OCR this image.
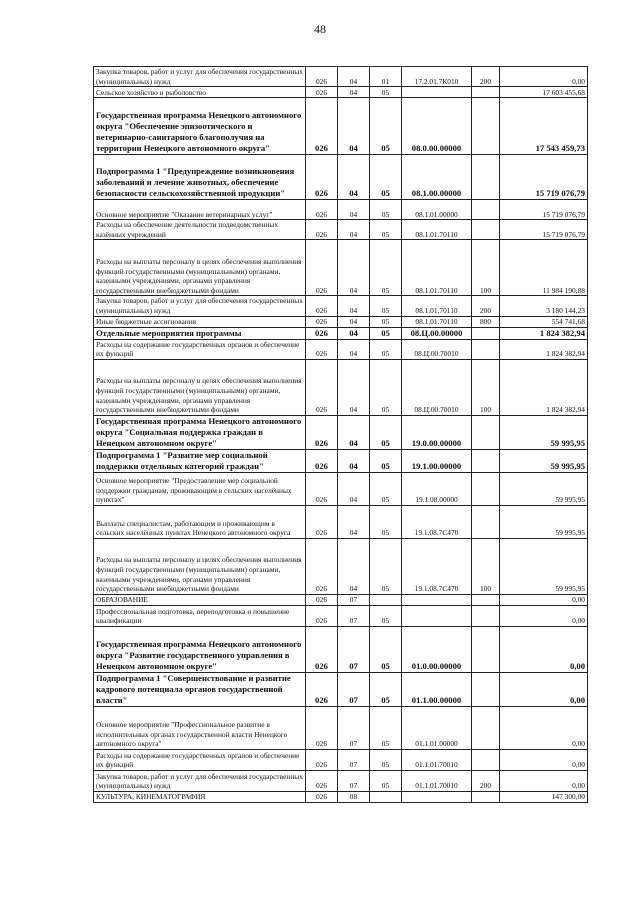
48
Закупка товаров, работ и услуг для обеспечения государственных (муниципальных) нужд	026	04	01	17.2.01.7К010	200	0,00
Сельское хозяйство и рыболовство	026	04	05			17 603 455,68
Государственная программа Ненецкого автономного округа "Обеспечение эпизоотического и ветеринарно-санитарного благополучия на территории Ненецкого автономного округа"	026	04	05	08.0.00.00000		17 543 459,73
Подпрограмма 1 "Предупреждение возникновения заболеваний и лечение животных, обеспечение безопасности сельскохозяйственной продукции"	026	04	05	08.1.00.00000		15 719 076,79
Основное мероприятие "Оказание ветеринарных услуг"	026	04	05	08.1.01.00000		15 719 076,79
Расходы на обеспечение деятельности подведомственных казённых учреждений	026	04	05	08.1.01.70110		15 719 076,79
Расходы на выплаты персоналу в целях обеспечения выполнения функций государственными (муниципальными) органами, казенными учреждениями, органами управления государственными внебюджетными фондами	026	04	05	08.1.01.70110	100	11 984 190,88
Закупка товаров, работ и услуг для обеспечения государственных (муниципальных) нужд	026	04	05	08.1.01.70110	200	3 180 144,23
Иные бюджетные ассигнования	026	04	05	08.1.01.70110	800	554 741,68
Отдельные мероприятия программы	026	04	05	08.Ц.00.00000		1 824 382,94
Расходы на содержание государственных органов и обеспечение их функций	026	04	05	08.Ц.00.70010		1 824 382,94
Расходы на выплаты персоналу в целях обеспечения выполнения функций государственными (муниципальными) органами, казенными учреждениями, органами управления государственными внебюджетными фондами	026	04	05	08.Ц.00.70010	100	1 824 382,94
Государственная программа Ненецкого автономного округа "Социальная поддержка граждан в Ненецком автономном округе"	026	04	05	19.0.00.00000		59 995,95
Подпрограмма 1 "Развитие мер социальной поддержки отдельных категорий граждан"	026	04	05	19.1.00.00000		59 995,95
Основное мероприятие "Предоставление мер социальной поддержки гражданам, проживающим в сельских населённых пунктах"	026	04	05	19.1.08.00000		59 995,95
Выплаты специалистам, работающим и проживающим в сельских населённых пунктах Ненецкого автономного округа	026	04	05	19.1.08.7С470		59 995,95
Расходы на выплаты персоналу в целях обеспечения выполнения функций государственными (муниципальными) органами, казенными учреждениями, органами управления государственными внебюджетными фондами	026	04	05	19.1.08.7С470	100	59 995,95
ОБРАЗОВАНИЕ	026	07				0,00
Профессиональная подготовка, переподготовка и повышение квалификации	026	07	05			0,00
Государственная программа Ненецкого автономного округа "Развитие государственного управления в Ненецком автономном округе"	026	07	05	01.0.00.00000		0,00
Подпрограмма 1 "Совершенствование и развитие кадрового потенциала органов государственной власти"	026	07	05	01.1.00.00000		0,00
Основное мероприятие "Профессиональное развитие в исполнительных органах государственной власти Ненецкого автономного округа"	026	07	05	01.1.01.00000		0,00
Расходы на содержание государственных органов и обеспечение их функций	026	07	05	01.1.01.70010		0,00
Закупка товаров, работ и услуг для обеспечения государственных (муниципальных) нужд	026	07	05	01.1.01.70010	200	0,00
КУЛЬТУРА, КИНЕМАТОГРАФИЯ	026	08				147 300,00
